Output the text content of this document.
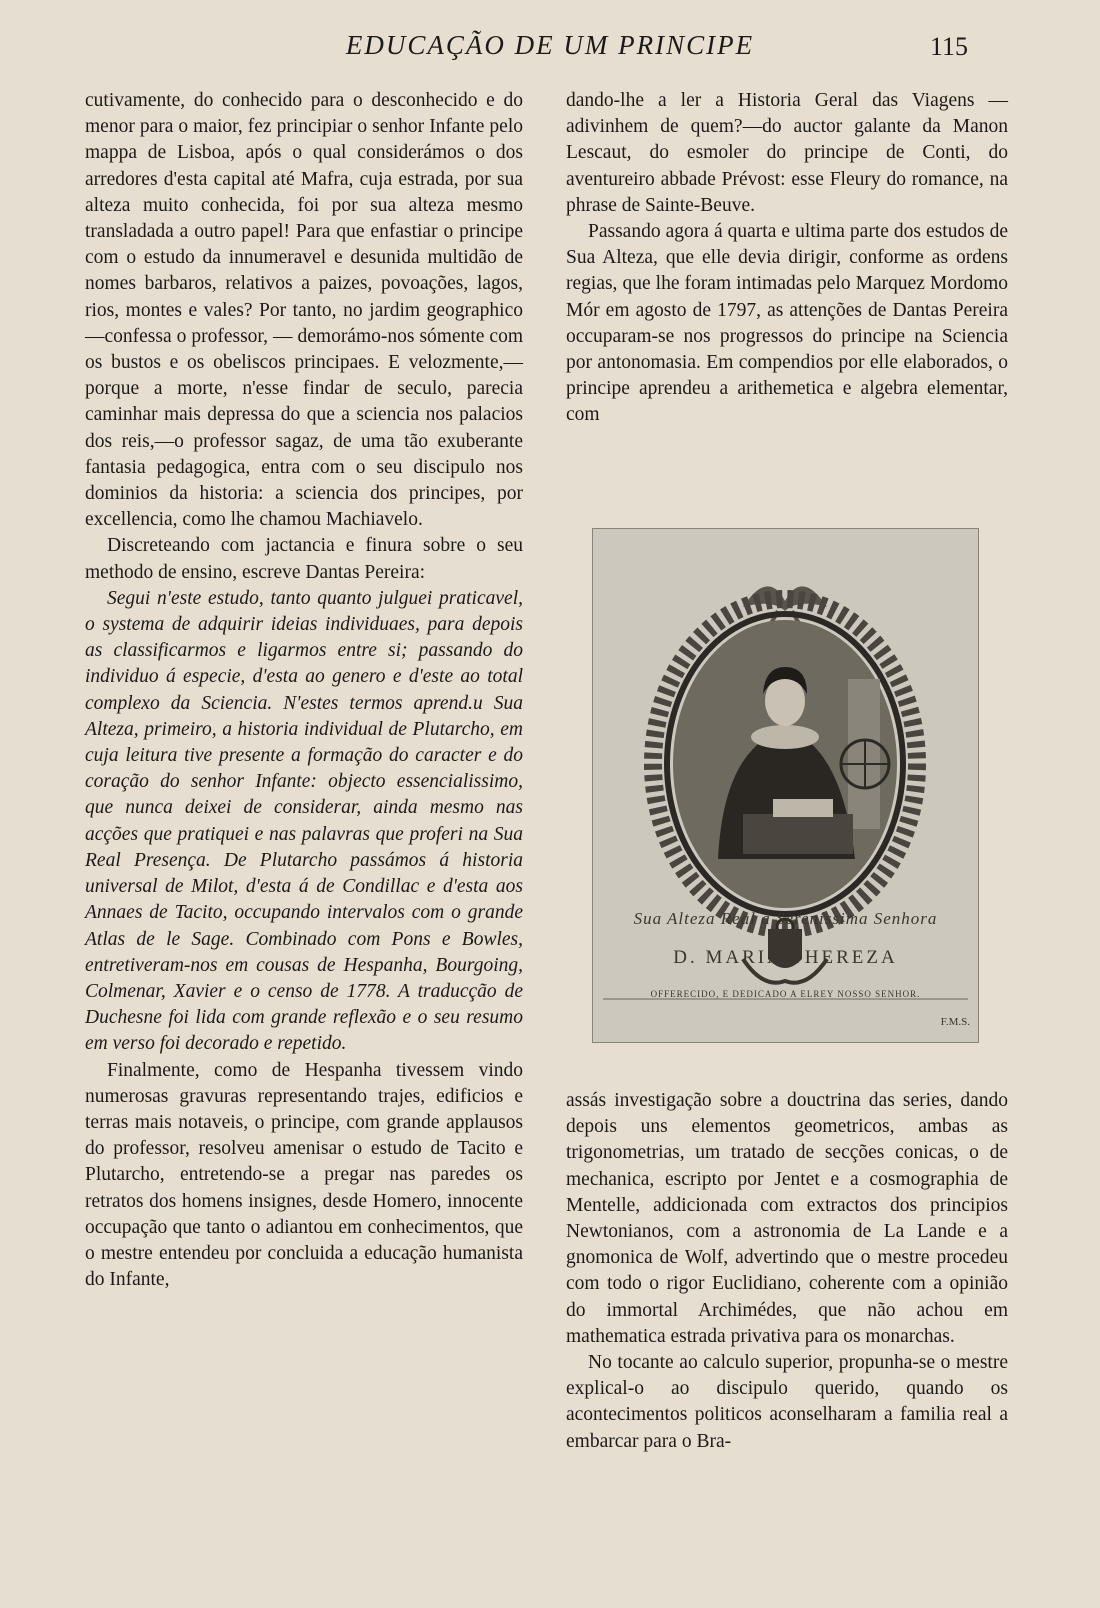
EDUCAÇÃO DE UM PRINCIPE	115

cutivamente, do conhecido para o desconhecido e do menor para o maior, fez principiar o senhor Infante pelo mappa de Lisboa, após o qual considerámos o dos arredores d'esta capital até Mafra, cuja estrada, por sua alteza muito conhecida, foi por sua alteza mesmo transladada a outro papel! Para que enfastiar o principe com o estudo da innumeravel e desunida multidão de nomes barbaros, relativos a paizes, povoações, lagos, rios, montes e vales? Por tanto, no jardim geographico—confessa o professor, — demorámo-nos sómente com os bustos e os obeliscos principaes. E velozmente,—porque a morte, n'esse findar de seculo, parecia caminhar mais depressa do que a sciencia nos palacios dos reis,—o professor sagaz, de uma tão exuberante fantasia pedagogica, entra com o seu discipulo nos dominios da historia: a sciencia dos principes, por excellencia, como lhe chamou Machiavelo.

Discreteando com jactancia e finura sobre o seu methodo de ensino, escreve Dantas Pereira:

Segui n'este estudo, tanto quanto julguei praticavel, o systema de adquirir ideias individuaes, para depois as classificarmos e ligarmos entre si; passando do individuo á especie, d'esta ao genero e d'este ao total complexo da Sciencia. N'estes termos aprend.u Sua Alteza, primeiro, a historia individual de Plutarcho, em cuja leitura tive presente a formação do caracter e do coração do senhor Infante: objecto essencialissimo, que nunca deixei de considerar, ainda mesmo nas acções que pratiquei e nas palavras que proferi na Sua Real Presença. De Plutarcho passámos á historia universal de Milot, d'esta á de Condillac e d'esta aos Annaes de Tacito, occupando intervalos com o grande Atlas de le Sage. Combinado com Pons e Bowles, entretiveram-nos em cousas de Hespanha, Bourgoing, Colmenar, Xavier e o censo de 1778. A traducção de Duchesne foi lida com grande reflexão e o seu resumo em verso foi decorado e repetido.

Finalmente, como de Hespanha tivessem vindo numerosas gravuras representando trajes, edificios e terras mais notaveis, o principe, com grande applausos do professor, resolveu amenisar o estudo de Tacito e Plutarcho, entretendo-se a pregar nas paredes os retratos dos homens insignes, desde Homero, innocente occupação que tanto o adiantou em conhecimentos, que o mestre entendeu por concluida a educação humanista do Infante,

dando-lhe a ler a Historia Geral das Viagens —adivinhem de quem?—do auctor galante da Manon Lescaut, do esmoler do principe de Conti, do aventureiro abbade Prévost: esse Fleury do romance, na phrase de Sainte-Beuve.

Passando agora á quarta e ultima parte dos estudos de Sua Alteza, que elle devia dirigir, conforme as ordens regias, que lhe foram intimadas pelo Marquez Mordomo Mór em agosto de 1797, as attenções de Dantas Pereira occuparam-se nos progressos do principe na Sciencia por antonomasia. Em compendios por elle elaborados, o principe aprendeu a arithemetica e algebra elementar, com

Sua Alteza Real a Sereníssima Senhora
D. MARIA THEREZA
OFFERECIDO, E DEDICADO A ELREY NOSSO SENHOR.
F.M.S.

assás investigação sobre a douctrina das series, dando depois uns elementos geometricos, ambas as trigonometrias, um tratado de secções conicas, o de mechanica, escripto por Jentet e a cosmographia de Mentelle, addicionada com extractos dos principios Newtonianos, com a astronomia de La Lande e a gnomonica de Wolf, advertindo que o mestre procedeu com todo o rigor Euclidiano, coherente com a opinião do immortal Archimédes, que não achou em mathematica estrada privativa para os monarchas.

No tocante ao calculo superior, propunha-se o mestre explical-o ao discipulo querido, quando os acontecimentos politicos aconselharam a familia real a embarcar para o Bra-
